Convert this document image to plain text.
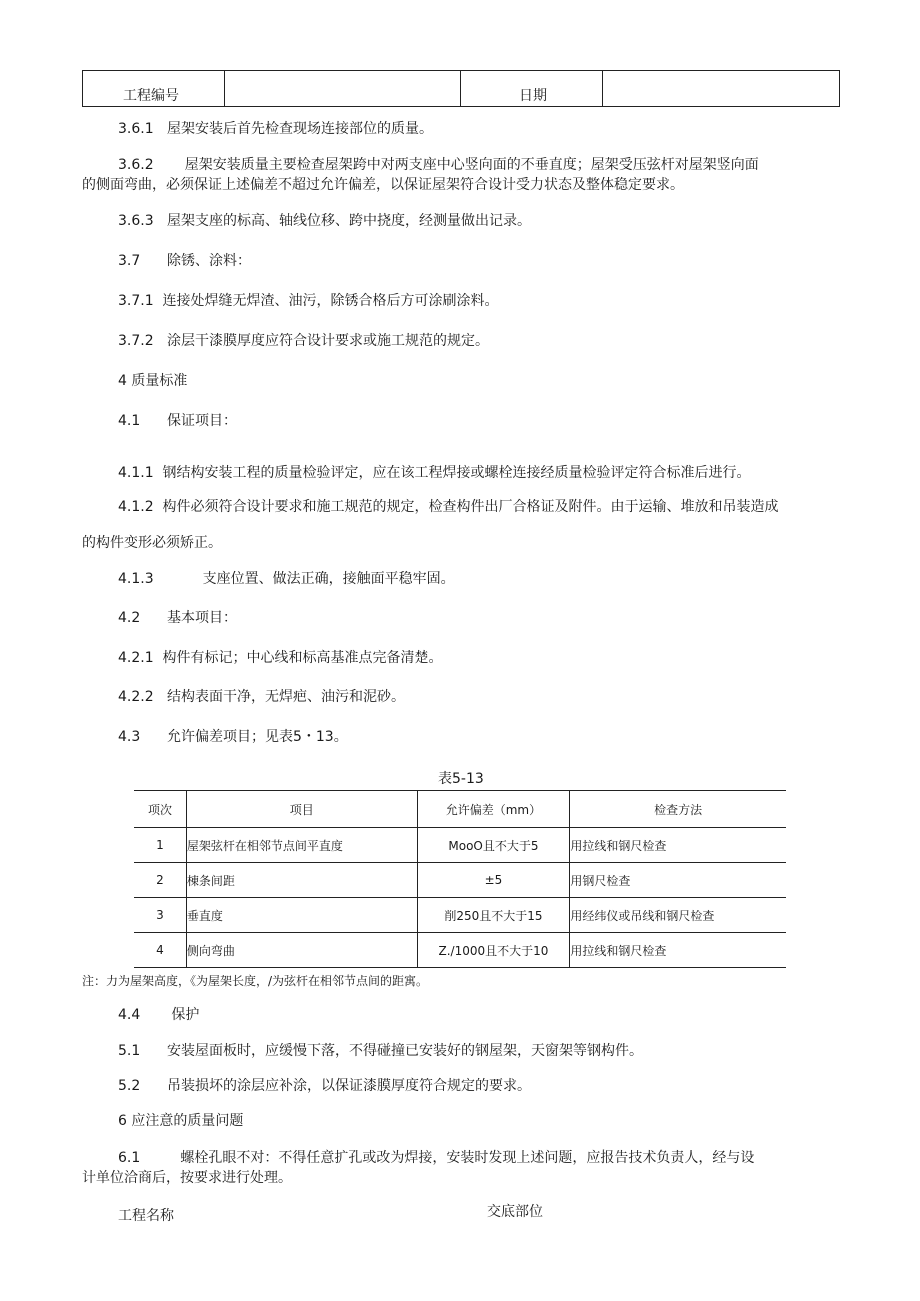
工程编号	日期
3.6.1 屋架安装后首先检查现场连接部位的质量。
3.6.2 屋架安装质量主要检查屋架跨中对两支座中心竖向面的不垂直度；屋架受压弦杆对屋架竖向面
的侧面弯曲，必须保证上述偏差不超过允许偏差，以保证屋架符合设计受力状态及整体稳定要求。
3.6.3 屋架支座的标高、轴线位移、跨中挠度，经测量做出记录。
3.7 除锈、涂料：
3.7.1 连接处焊缝无焊渣、油污，除锈合格后方可涂刷涂料。
3.7.2 涂层干漆膜厚度应符合设计要求或施工规范的规定。
4 质量标准
4.1 保证项目：
4.1.1 钢结构安装工程的质量检验评定，应在该工程焊接或螺栓连接经质量检验评定符合标准后进行。
4.1.2 构件必须符合设计要求和施工规范的规定，检查构件出厂合格证及附件。由于运输、堆放和吊装造成
的构件变形必须矫正。
4.1.3	支座位置、做法正确，接触面平稳牢固。
4.2 基本项目：
4.2.1 构件有标记；中心线和标高基准点完备清楚。
4.2.2 结构表面干净，无焊疤、油污和泥砂。
4.3 允许偏差项目；见表5・13。
表5-13
项次	项目	允许偏差（mm）	检查方法
1	屋架弦杆在相邻节点间平直度	MooO且不大于5	用拉线和钢尺检查
2	棟条间距	±5	用钢尺检查
3	垂直度	削250且不大于15	用经纬仪或吊线和钢尺检查
4	侧向弯曲	Z./1000且不大于10	用拉线和钢尺检查
注：力为屋架高度，《为屋架长度，/为弦杆在相邻节点间的距寓。
4.4 保护
5.1 安装屋面板时，应缓慢下落，不得碰撞已安装好的钢屋架，天窗架等钢构件。
5.2 吊装损坏的涂层应补涂，以保证漆膜厚度符合规定的要求。
6 应注意的质量问题
6.1	螺栓孔眼不对：不得任意扩孔或改为焊接，安装时发现上述问题，应报告技术负责人，经与设
计单位洽商后，按要求进行处理。
工程名称	交底部位
